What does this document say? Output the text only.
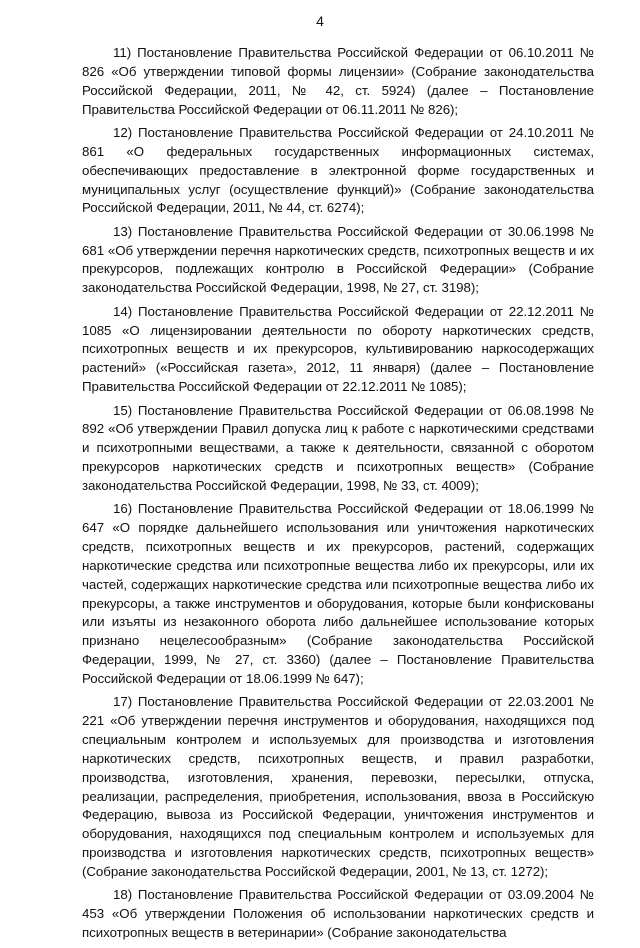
4

11) Постановление Правительства Российской Федерации от 06.10.2011 № 826 «Об утверждении типовой формы лицензии» (Собрание законодательства Российской Федерации, 2011, № 42, ст. 5924) (далее – Постановление Правительства Российской Федерации от 06.11.2011 № 826);

12) Постановление Правительства Российской Федерации от 24.10.2011 № 861 «О федеральных государственных информационных системах, обеспечивающих предоставление в электронной форме государственных и муниципальных услуг (осуществление функций)» (Собрание законодательства Российской Федерации, 2011, № 44, ст. 6274);

13) Постановление Правительства Российской Федерации от 30.06.1998 № 681 «Об утверждении перечня наркотических средств, психотропных веществ и их прекурсоров, подлежащих контролю в Российской Федерации» (Собрание законодательства Российской Федерации, 1998, № 27, ст. 3198);

14) Постановление Правительства Российской Федерации от 22.12.2011 № 1085 «О лицензировании деятельности по обороту наркотических средств, психотропных веществ и их прекурсоров, культивированию наркосодержащих растений» («Российская газета», 2012, 11 января) (далее – Постановление Правительства Российской Федерации от 22.12.2011 № 1085);

15) Постановление Правительства Российской Федерации от 06.08.1998 № 892 «Об утверждении Правил допуска лиц к работе с наркотическими средствами и психотропными веществами, а также к деятельности, связанной с оборотом прекурсоров наркотических средств и психотропных веществ» (Собрание законодательства Российской Федерации, 1998, № 33, ст. 4009);

16) Постановление Правительства Российской Федерации от 18.06.1999 № 647 «О порядке дальнейшего использования или уничтожения наркотических средств, психотропных веществ и их прекурсоров, растений, содержащих наркотические средства или психотропные вещества либо их прекурсоры, или их частей, содержащих наркотические средства или психотропные вещества либо их прекурсоры, а также инструментов и оборудования, которые были конфискованы или изъяты из незаконного оборота либо дальнейшее использование которых признано нецелесообразным» (Собрание законодательства Российской Федерации, 1999, № 27, ст. 3360) (далее – Постановление Правительства Российской Федерации от 18.06.1999 № 647);

17) Постановление Правительства Российской Федерации от 22.03.2001 № 221 «Об утверждении перечня инструментов и оборудования, находящихся под специальным контролем и используемых для производства и изготовления наркотических средств, психотропных веществ, и правил разработки, производства, изготовления, хранения, перевозки, пересылки, отпуска, реализации, распределения, приобретения, использования, ввоза в Российскую Федерацию, вывоза из Российской Федерации, уничтожения инструментов и оборудования, находящихся под специальным контролем и используемых для производства и изготовления наркотических средств, психотропных веществ» (Собрание законодательства Российской Федерации, 2001, № 13, ст. 1272);

18) Постановление Правительства Российской Федерации от 03.09.2004 № 453 «Об утверждении Положения об использовании наркотических средств и психотропных веществ в ветеринарии» (Собрание законодательства
